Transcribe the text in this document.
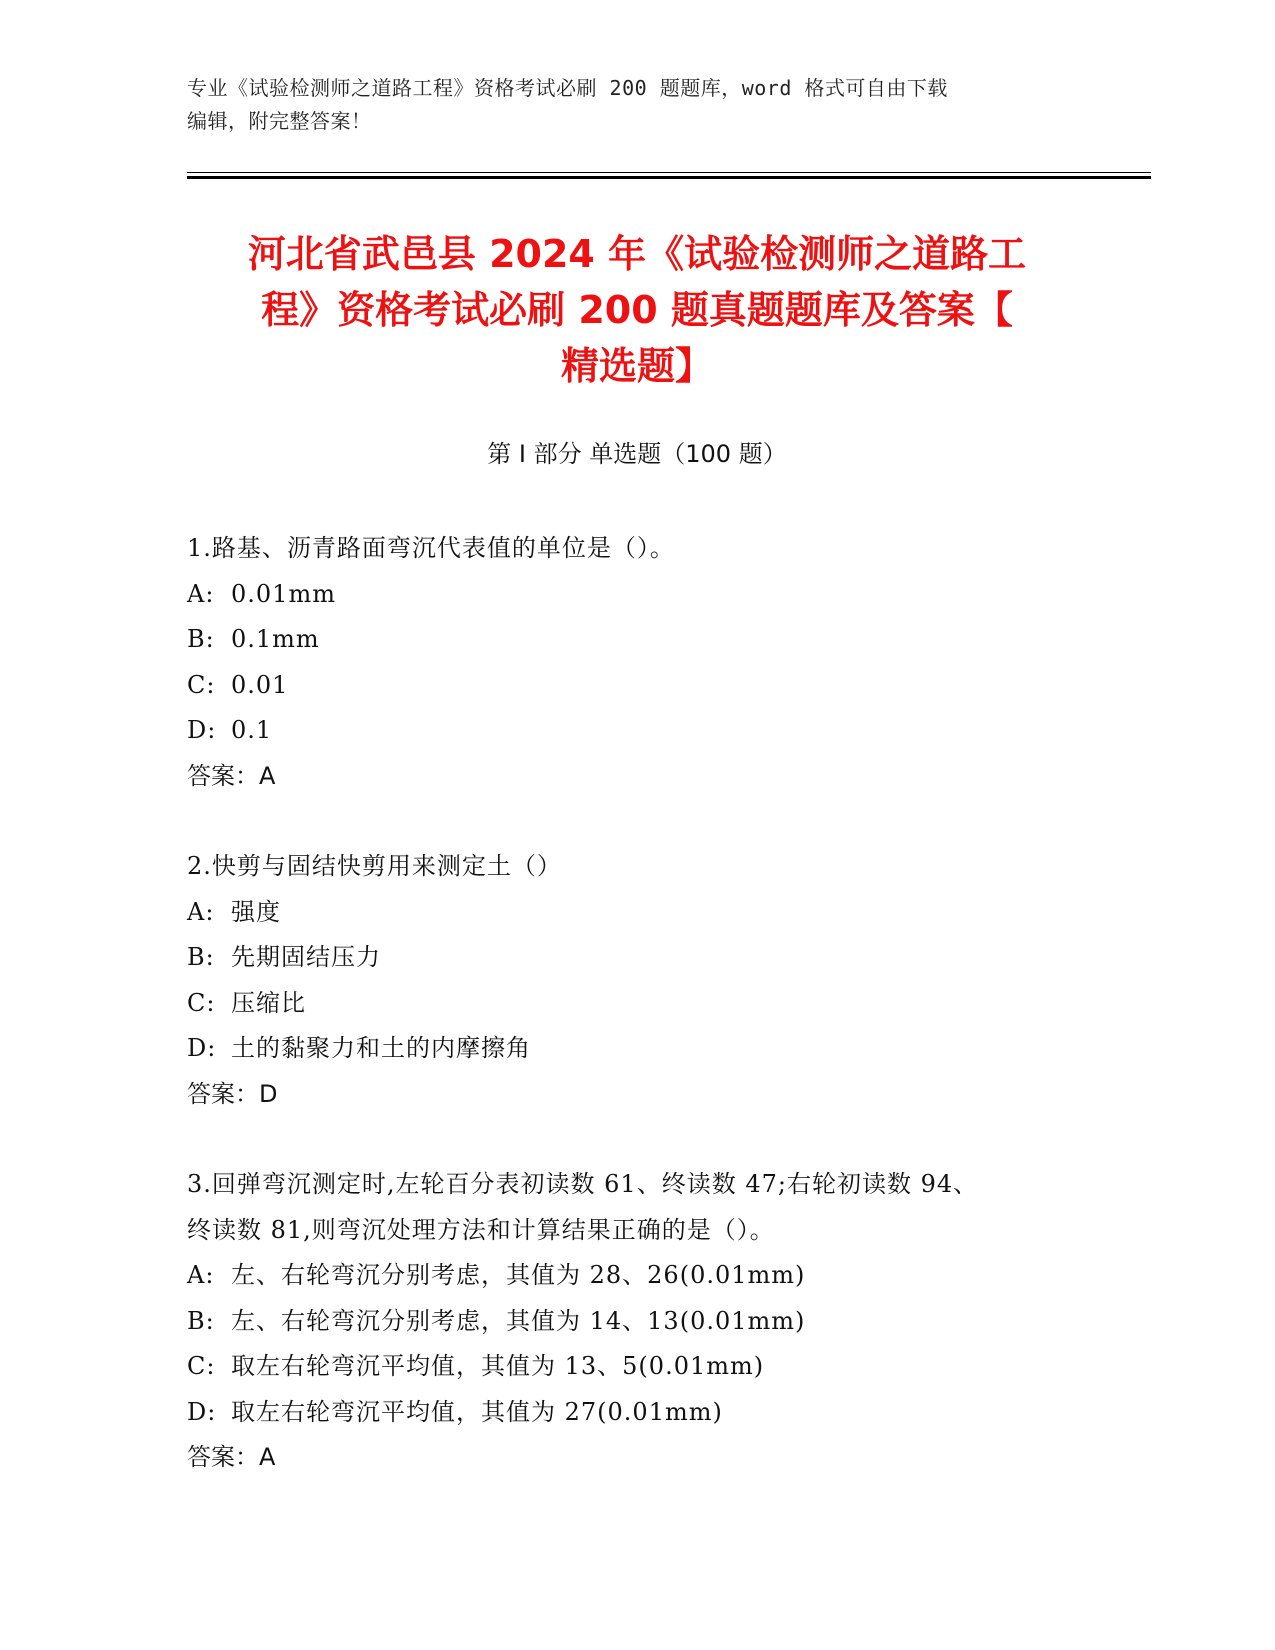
专业《试验检测师之道路工程》资格考试必刷 200 题题库，word 格式可自由下载
编辑，附完整答案！
河北省武邑县 2024 年《试验检测师之道路工
程》资格考试必刷 200 题真题题库及答案【
精选题】
第 I 部分 单选题（100 题）
1.路基、沥青路面弯沉代表值的单位是（）。
A: 0.01mm
B: 0.1mm
C: 0.01
D: 0.1
答案：A
2.快剪与固结快剪用来测定土（）
A: 强度
B: 先期固结压力
C: 压缩比
D: 土的黏聚力和土的内摩擦角
答案：D
3.回弹弯沉测定时,左轮百分表初读数 61、终读数 47;右轮初读数 94、
终读数 81,则弯沉处理方法和计算结果正确的是（）。
A: 左、右轮弯沉分别考虑，其值为 28、26(0.01mm)
B: 左、右轮弯沉分别考虑，其值为 14、13(0.01mm)
C: 取左右轮弯沉平均值，其值为 13、5(0.01mm)
D: 取左右轮弯沉平均值，其值为 27(0.01mm)
答案：A
